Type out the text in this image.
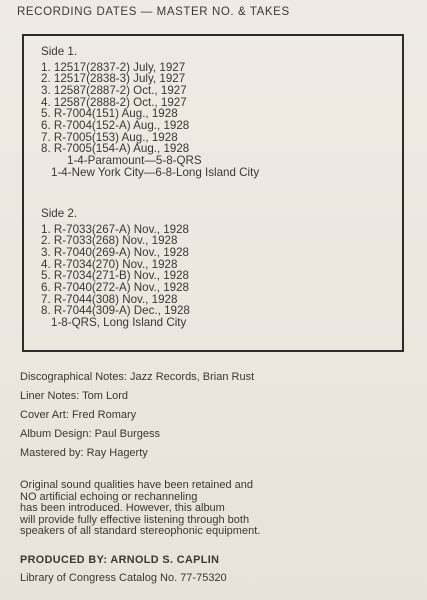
RECORDING DATES — MASTER NO. & TAKES
Side 1.
1. 12517(2837-2) July, 1927
2. 12517(2838-3) July, 1927
3. 12587(2887-2) Oct., 1927
4. 12587(2888-2) Oct., 1927
5. R-7004(151) Aug., 1928
6. R-7004(152-A) Aug., 1928
7. R-7005(153) Aug., 1928
8. R-7005(154-A) Aug., 1928
1-4-Paramount—5-8-QRS
1-4-New York City—6-8-Long Island City
Side 2.
1. R-7033(267-A) Nov., 1928
2. R-7033(268) Nov., 1928
3. R-7040(269-A) Nov., 1928
4. R-7034(270) Nov., 1928
5. R-7034(271-B) Nov., 1928
6. R-7040(272-A) Nov., 1928
7. R-7044(308) Nov., 1928
8. R-7044(309-A) Dec., 1928
1-8-QRS, Long Island City
Discographical Notes: Jazz Records, Brian Rust
Liner Notes: Tom Lord
Cover Art: Fred Romary
Album Design: Paul Burgess
Mastered by: Ray Hagerty
Original sound qualities have been retained and
NO artificial echoing or rechanneling
has been introduced. However, this album
will provide fully effective listening through both
speakers of all standard stereophonic equipment.
PRODUCED BY: ARNOLD S. CAPLIN
Library of Congress Catalog No. 77-75320
